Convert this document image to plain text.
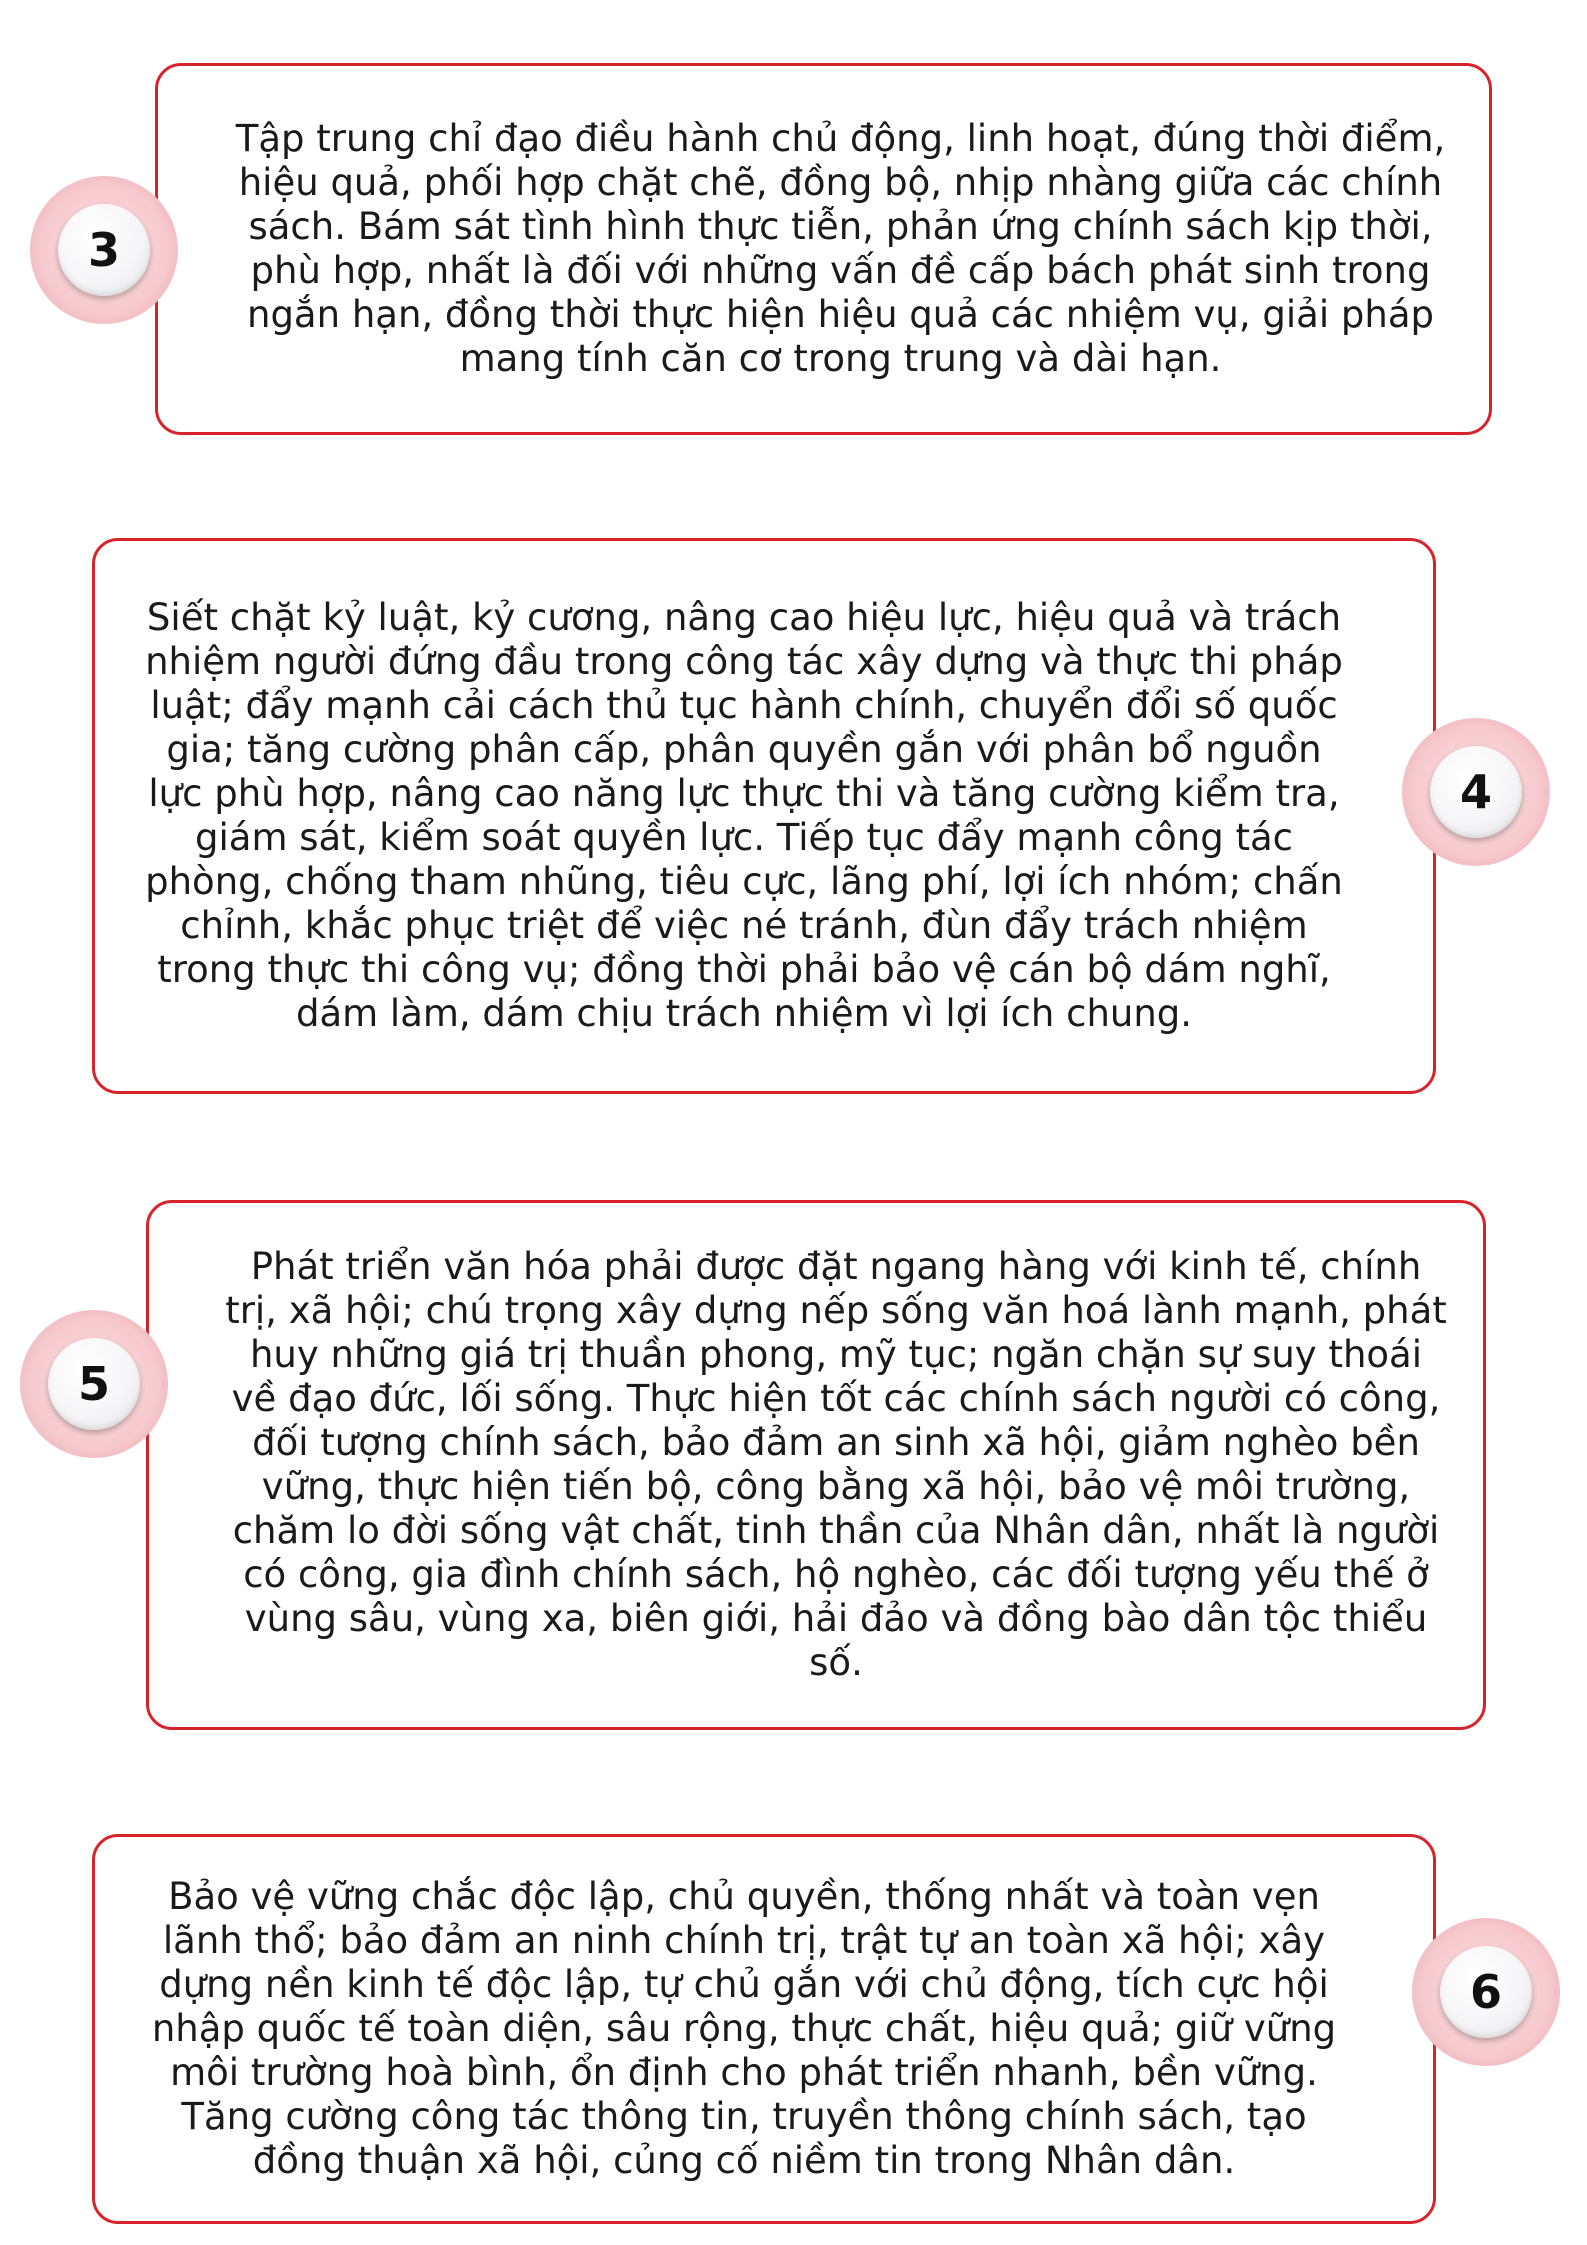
Tập trung chỉ đạo điều hành chủ động, linh hoạt, đúng thời điểm, hiệu quả, phối hợp chặt chẽ, đồng bộ, nhịp nhàng giữa các chính sách. Bám sát tình hình thực tiễn, phản ứng chính sách kịp thời, phù hợp, nhất là đối với những vấn đề cấp bách phát sinh trong ngắn hạn, đồng thời thực hiện hiệu quả các nhiệm vụ, giải pháp mang tính căn cơ trong trung và dài hạn.
3
Siết chặt kỷ luật, kỷ cương, nâng cao hiệu lực, hiệu quả và trách nhiệm người đứng đầu trong công tác xây dựng và thực thi pháp luật; đẩy mạnh cải cách thủ tục hành chính, chuyển đổi số quốc gia; tăng cường phân cấp, phân quyền gắn với phân bổ nguồn lực phù hợp, nâng cao năng lực thực thi và tăng cường kiểm tra, giám sát, kiểm soát quyền lực. Tiếp tục đẩy mạnh công tác phòng, chống tham nhũng, tiêu cực, lãng phí, lợi ích nhóm; chấn chỉnh, khắc phục triệt để việc né tránh, đùn đẩy trách nhiệm trong thực thi công vụ; đồng thời phải bảo vệ cán bộ dám nghĩ, dám làm, dám chịu trách nhiệm vì lợi ích chung.
4
Phát triển văn hóa phải được đặt ngang hàng với kinh tế, chính trị, xã hội; chú trọng xây dựng nếp sống văn hoá lành mạnh, phát huy những giá trị thuần phong, mỹ tục; ngăn chặn sự suy thoái về đạo đức, lối sống. Thực hiện tốt các chính sách người có công, đối tượng chính sách, bảo đảm an sinh xã hội, giảm nghèo bền vững, thực hiện tiến bộ, công bằng xã hội, bảo vệ môi trường, chăm lo đời sống vật chất, tinh thần của Nhân dân, nhất là người có công, gia đình chính sách, hộ nghèo, các đối tượng yếu thế ở vùng sâu, vùng xa, biên giới, hải đảo và đồng bào dân tộc thiểu số.
5
Bảo vệ vững chắc độc lập, chủ quyền, thống nhất và toàn vẹn lãnh thổ; bảo đảm an ninh chính trị, trật tự an toàn xã hội; xây dựng nền kinh tế độc lập, tự chủ gắn với chủ động, tích cực hội nhập quốc tế toàn diện, sâu rộng, thực chất, hiệu quả; giữ vững môi trường hoà bình, ổn định cho phát triển nhanh, bền vững. Tăng cường công tác thông tin, truyền thông chính sách, tạo đồng thuận xã hội, củng cố niềm tin trong Nhân dân.
6
